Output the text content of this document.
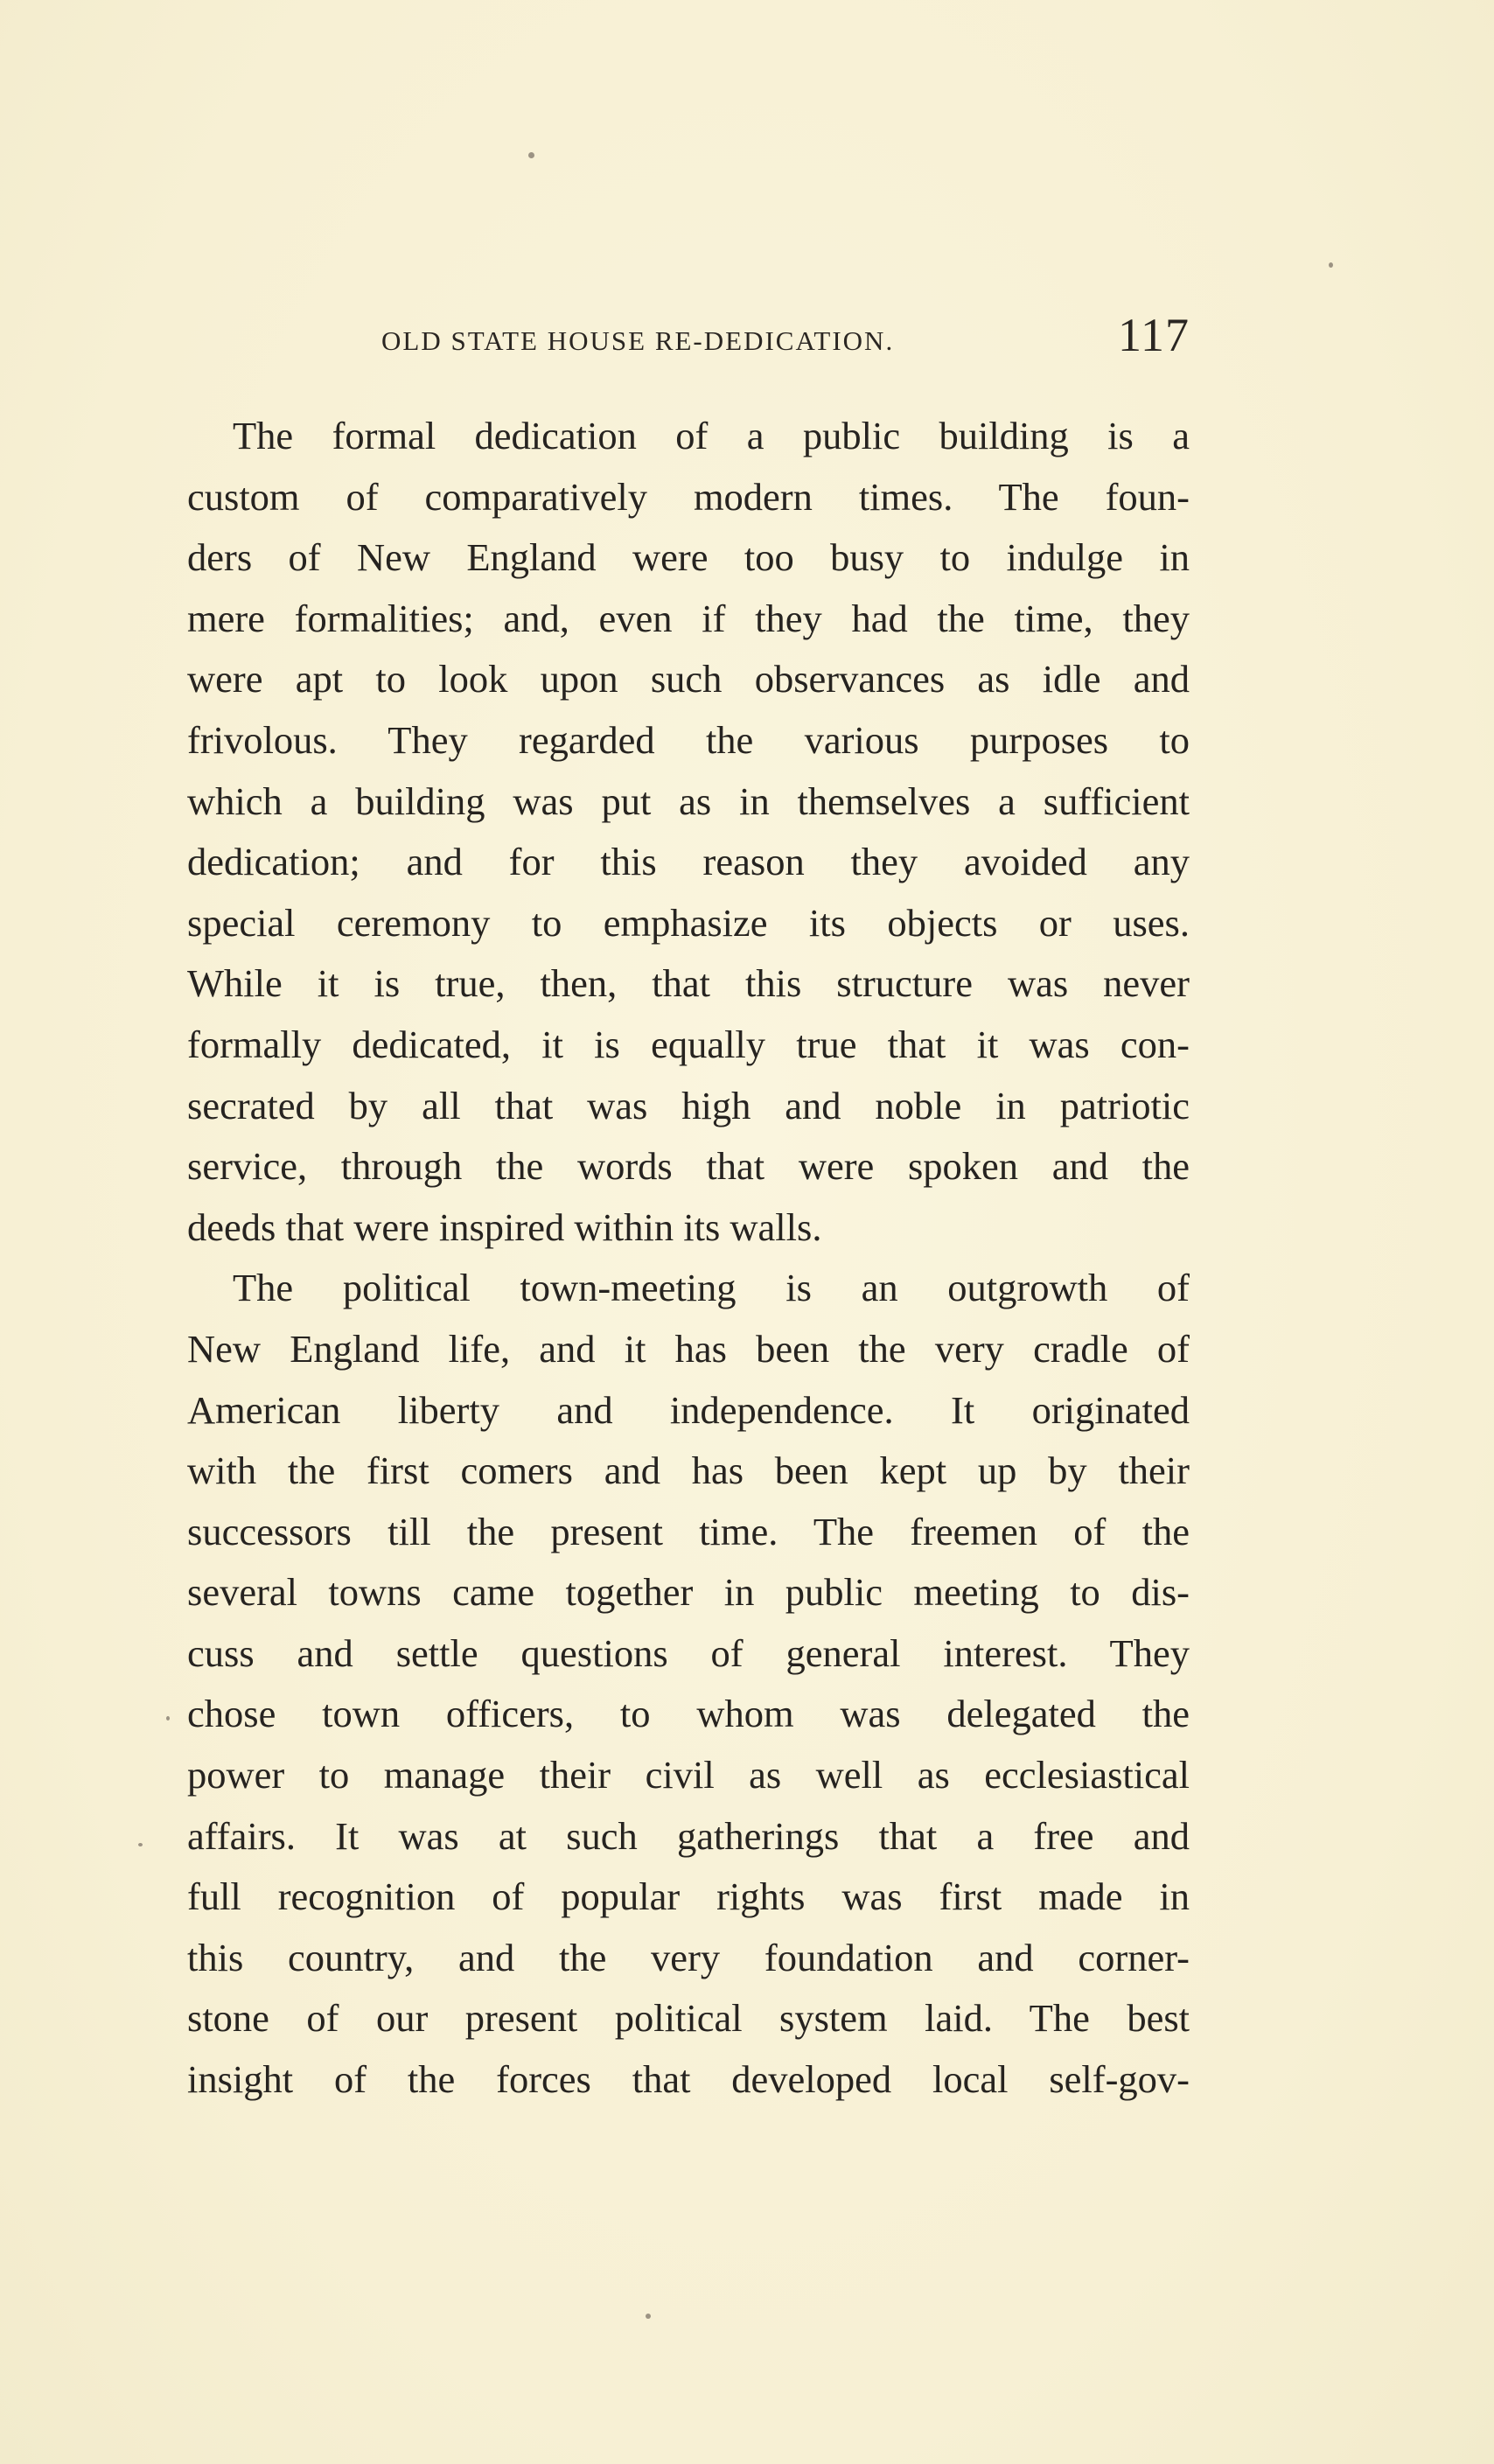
OLD STATE HOUSE RE-DEDICATION.	117
The formal dedication of a public building is a
custom of comparatively modern times. The foun-
ders of New England were too busy to indulge in
mere formalities; and, even if they had the time, they
were apt to look upon such observances as idle and
frivolous. They regarded the various purposes to
which a building was put as in themselves a sufficient
dedication; and for this reason they avoided any
special ceremony to emphasize its objects or uses.
While it is true, then, that this structure was never
formally dedicated, it is equally true that it was con-
secrated by all that was high and noble in patriotic
service, through the words that were spoken and the
deeds that were inspired within its walls.
The political town-meeting is an outgrowth of
New England life, and it has been the very cradle of
American liberty and independence. It originated
with the first comers and has been kept up by their
successors till the present time. The freemen of the
several towns came together in public meeting to dis-
cuss and settle questions of general interest. They
chose town officers, to whom was delegated the
power to manage their civil as well as ecclesiastical
affairs. It was at such gatherings that a free and
full recognition of popular rights was first made in
this country, and the very foundation and corner-
stone of our present political system laid. The best
insight of the forces that developed local self-gov-
